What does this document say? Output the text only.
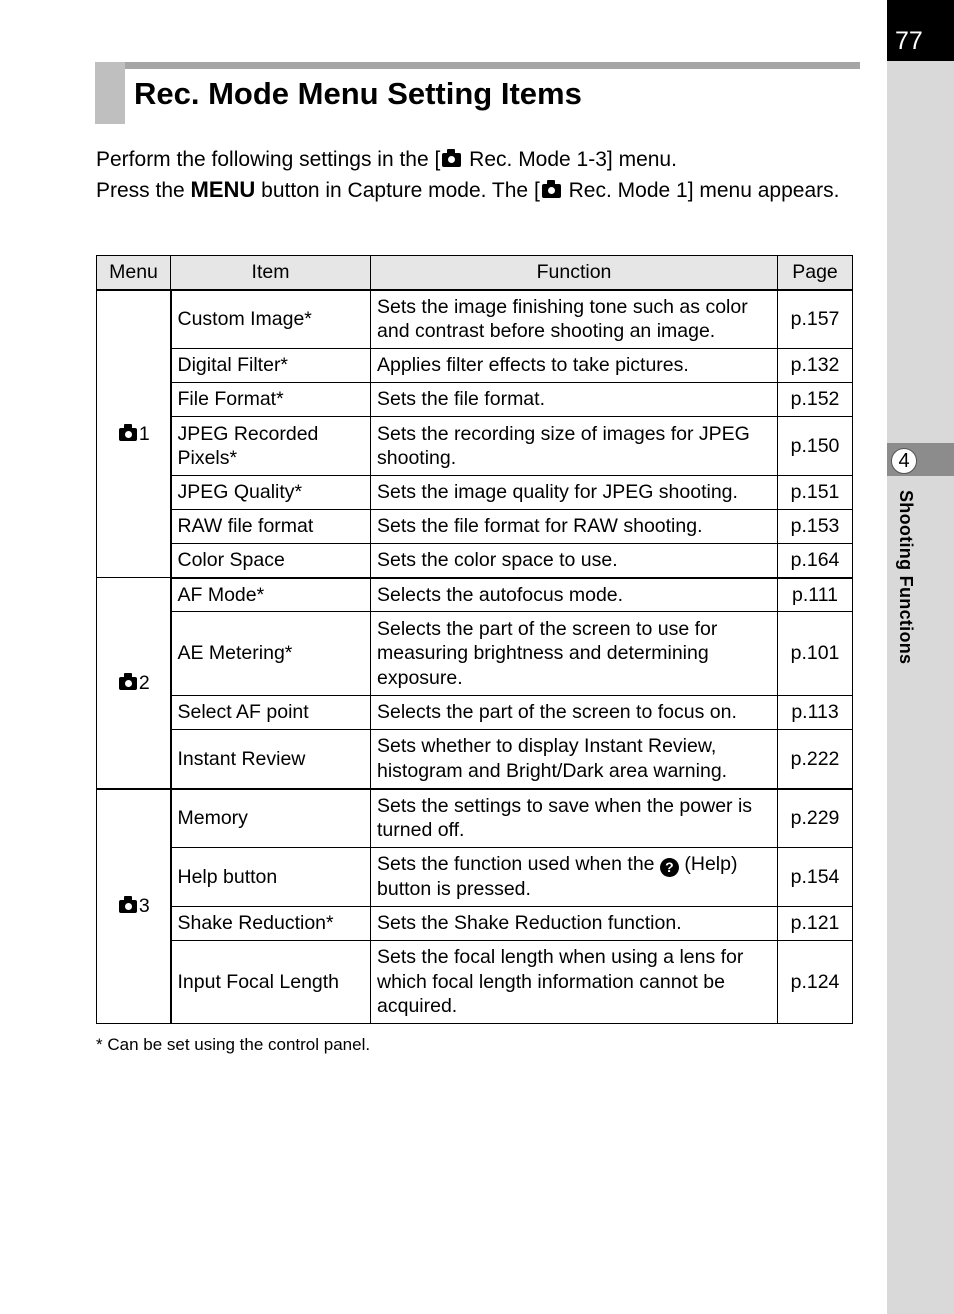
77
4
Shooting Functions
Rec. Mode Menu Setting Items
Perform the following settings in the [ Rec. Mode 1-3] menu.
Press the MENU button in Capture mode. The [ Rec. Mode 1] menu appears.
Menu	Item	Function	Page
1	Custom Image*	Sets the image finishing tone such as color and contrast before shooting an image.	p.157
	Digital Filter*	Applies filter effects to take pictures.	p.132
	File Format*	Sets the file format.	p.152
	JPEG Recorded Pixels*	Sets the recording size of images for JPEG shooting.	p.150
	JPEG Quality*	Sets the image quality for JPEG shooting.	p.151
	RAW file format	Sets the file format for RAW shooting.	p.153
	Color Space	Sets the color space to use.	p.164
2	AF Mode*	Selects the autofocus mode.	p.111
	AE Metering*	Selects the part of the screen to use for measuring brightness and determining exposure.	p.101
	Select AF point	Selects the part of the screen to focus on.	p.113
	Instant Review	Sets whether to display Instant Review, histogram and Bright/Dark area warning.	p.222
3	Memory	Sets the settings to save when the power is turned off.	p.229
	Help button	Sets the function used when the ? (Help) button is pressed.	p.154
	Shake Reduction*	Sets the Shake Reduction function.	p.121
	Input Focal Length	Sets the focal length when using a lens for which focal length information cannot be acquired.	p.124
* Can be set using the control panel.
